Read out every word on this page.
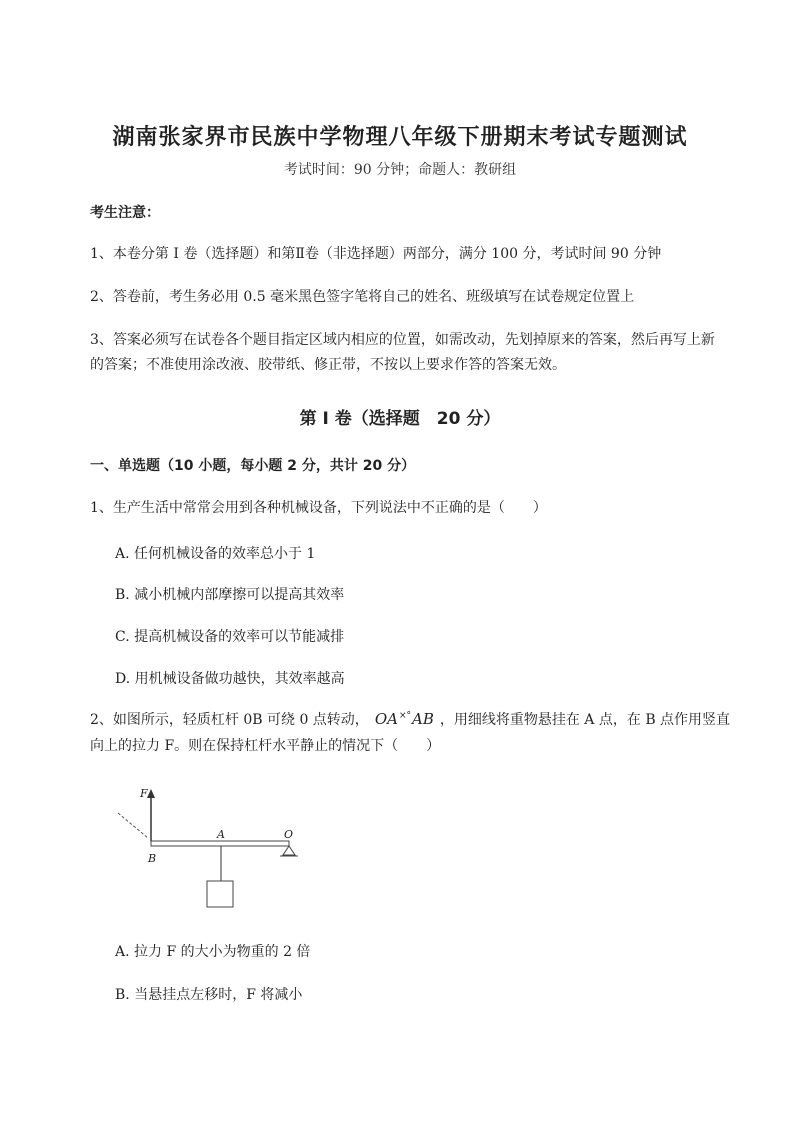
湖南张家界市民族中学物理八年级下册期末考试专题测试
考试时间：90 分钟；命题人：教研组
考生注意：
1、本卷分第 I 卷（选择题）和第Ⅱ卷（非选择题）两部分，满分 100 分，考试时间 90 分钟
2、答卷前，考生务必用 0.5 毫米黑色签字笔将自己的姓名、班级填写在试卷规定位置上
3、答案必须写在试卷各个题目指定区域内相应的位置，如需改动，先划掉原来的答案，然后再写上新
的答案；不准使用涂改液、胶带纸、修正带，不按以上要求作答的答案无效。
第 I 卷（选择题　20 分）
一、单选题（10 小题，每小题 2 分，共计 20 分）
1、生产生活中常常会用到各种机械设备，下列说法中不正确的是（　　）
A. 任何机械设备的效率总小于 1
B. 减小机械内部摩擦可以提高其效率
C. 提高机械设备的效率可以节能减排
D. 用机械设备做功越快，其效率越高
2、如图所示，轻质杠杆 0B 可绕 0 点转动， OA×°AB ，用细线将重物悬挂在 A 点，在 B 点作用竖直
向上的拉力 F。则在保持杠杆水平静止的情况下（　　）
F
B
A	O
A. 拉力 F 的大小为物重的 2 倍
B. 当悬挂点左移时，F 将减小
